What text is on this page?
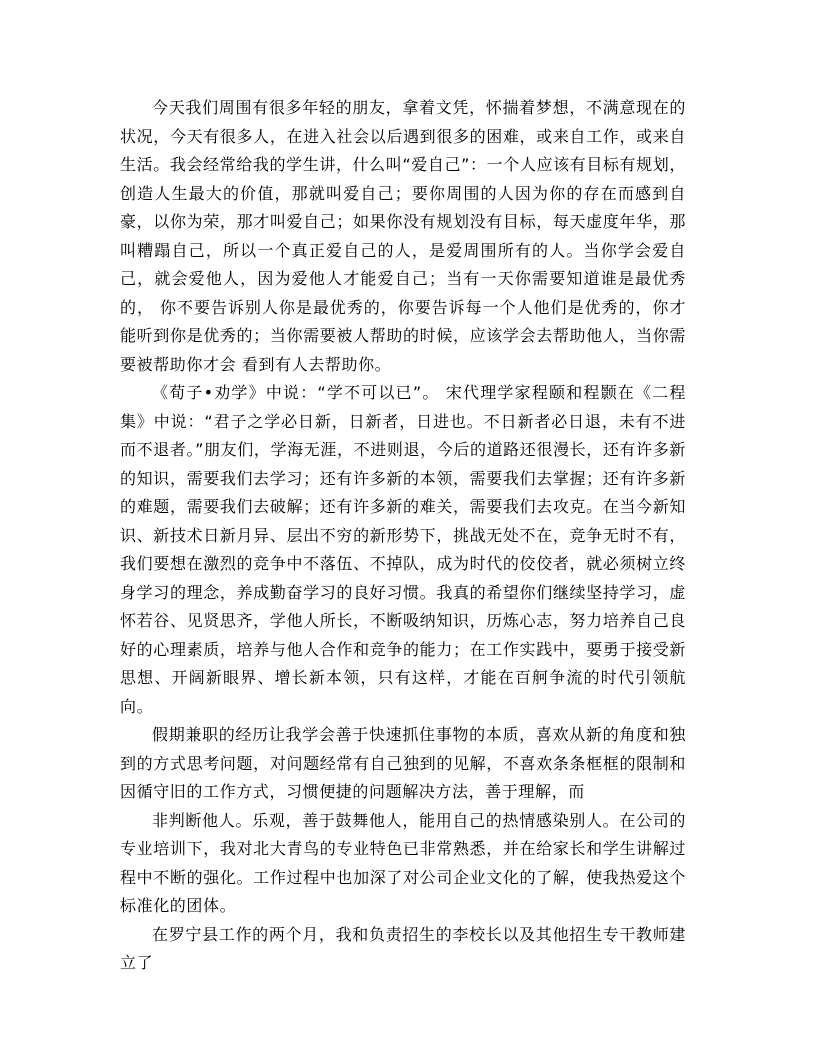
今天我们周围有很多年轻的朋友，拿着文凭，怀揣着梦想，不满意现在的状况，今天有很多人，在进入社会以后遇到很多的困难，或来自工作，或来自生活。我会经常给我的学生讲，什么叫“爱自己”：一个人应该有目标有规划，创造人生最大的价值，那就叫爱自己；要你周围的人因为你的存在而感到自豪，以你为荣，那才叫爱自己；如果你没有规划没有目标，每天虚度年华，那叫糟蹋自己，所以一个真正爱自己的人，是爱周围所有的人。当你学会爱自己，就会爱他人，因为爱他人才能爱自己；当有一天你需要知道谁是最优秀的， 你不要告诉别人你是最优秀的，你要告诉每一个人他们是优秀的，你才能听到你是优秀的；当你需要被人帮助的时候，应该学会去帮助他人，当你需要被帮助你才会 看到有人去帮助你。

《荀子•劝学》中说：“学不可以已”。 宋代理学家程颐和程颢在《二程集》中说：“君子之学必日新，日新者，日进也。不日新者必日退，未有不进而不退者。”朋友们，学海无涯，不进则退，今后的道路还很漫长，还有许多新的知识，需要我们去学习；还有许多新的本领，需要我们去掌握；还有许多新的难题，需要我们去破解；还有许多新的难关，需要我们去攻克。在当今新知识、新技术日新月异、层出不穷的新形势下，挑战无处不在，竞争无时不有，我们要想在激烈的竞争中不落伍、不掉队，成为时代的佼佼者，就必须树立终身学习的理念，养成勤奋学习的良好习惯。我真的希望你们继续坚持学习，虚怀若谷、见贤思齐，学他人所长，不断吸纳知识，历炼心志，努力培养自己良好的心理素质，培养与他人合作和竞争的能力；在工作实践中，要勇于接受新思想、开阔新眼界、增长新本领，只有这样，才能在百舸争流的时代引领航向。

假期兼职的经历让我学会善于快速抓住事物的本质，喜欢从新的角度和独到的方式思考问题，对问题经常有自己独到的见解，不喜欢条条框框的限制和因循守旧的工作方式，习惯便捷的问题解决方法，善于理解，而

非判断他人。乐观，善于鼓舞他人，能用自己的热情感染别人。在公司的专业培训下，我对北大青鸟的专业特色已非常熟悉，并在给家长和学生讲解过程中不断的强化。工作过程中也加深了对公司企业文化的了解，使我热爱这个标准化的团体。

在罗宁县工作的两个月，我和负责招生的李校长以及其他招生专干教师建立了
